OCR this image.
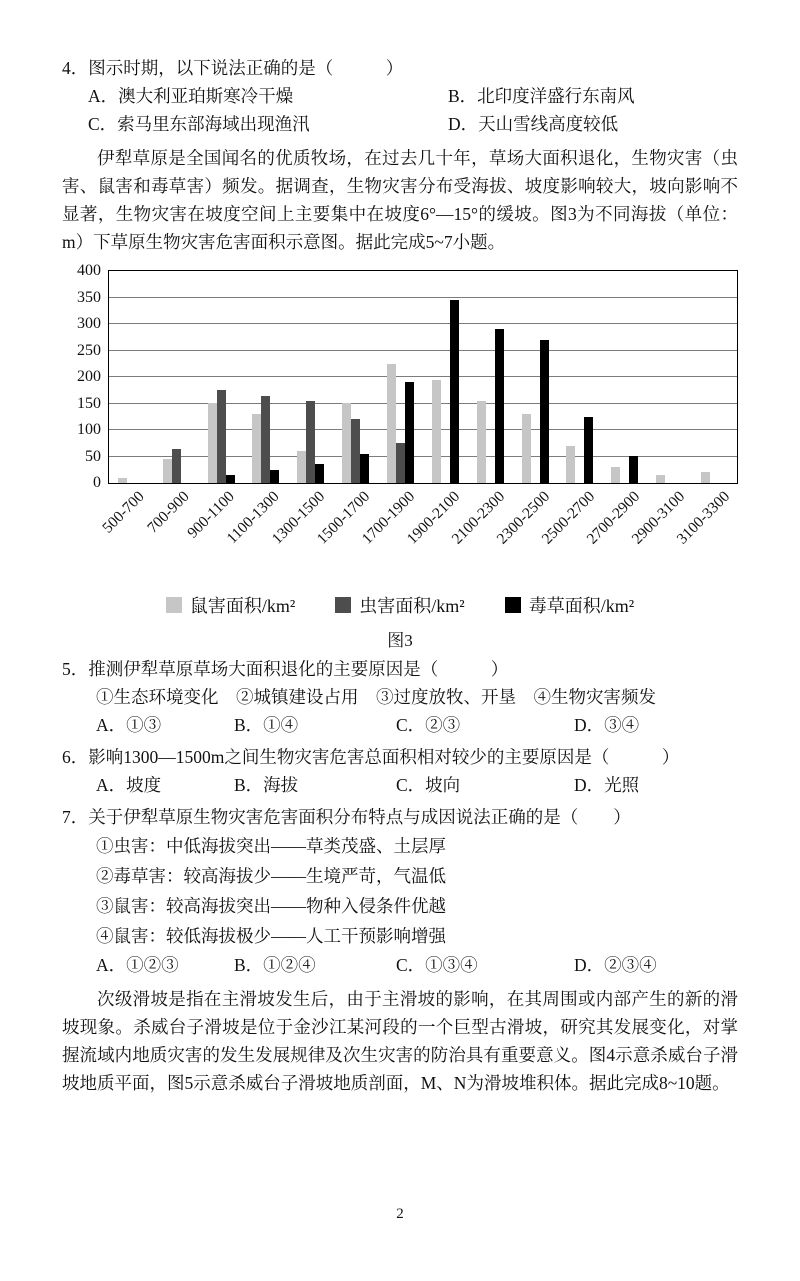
4．图示时期，以下说法正确的是（　　　）
A．澳大利亚珀斯寒冷干燥	B．北印度洋盛行东南风
C．索马里东部海域出现渔汛	D．天山雪线高度较低

伊犁草原是全国闻名的优质牧场，在过去几十年，草场大面积退化，生物灾害（虫害、鼠害和毒草害）频发。据调查，生物灾害分布受海拔、坡度影响较大，坡向影响不显著，生物灾害在坡度空间上主要集中在坡度6°—15°的缓坡。图3为不同海拔（单位：m）下草原生物灾害危害面积示意图。据此完成5~7小题。

0
50
100
150
200
250
300
350
400
500-700
700-900
900-1100
1100-1300
1300-1500
1500-1700
1700-1900
1900-2100
2100-2300
2300-2500
2500-2700
2700-2900
2900-3100
3100-3300
鼠害面积/km²	虫害面积/km²	毒草面积/km²
图3
5．推测伊犁草原草场大面积退化的主要原因是（　　　）
①生态环境变化　②城镇建设占用　③过度放牧、开垦　④生物灾害频发
A．①③	B．①④	C．②③	D．③④
6．影响1300—1500m之间生物灾害危害总面积相对较少的主要原因是（　　　）
A．坡度	B．海拔	C．坡向	D．光照
7．关于伊犁草原生物灾害危害面积分布特点与成因说法正确的是（　　）
①虫害：中低海拔突出——草类茂盛、土层厚
②毒草害：较高海拔少——生境严苛，气温低
③鼠害：较高海拔突出——物种入侵条件优越
④鼠害：较低海拔极少——人工干预影响增强
A．①②③	B．①②④	C．①③④	D．②③④

次级滑坡是指在主滑坡发生后，由于主滑坡的影响，在其周围或内部产生的新的滑坡现象。杀威台子滑坡是位于金沙江某河段的一个巨型古滑坡，研究其发展变化，对掌握流域内地质灾害的发生发展规律及次生灾害的防治具有重要意义。图4示意杀威台子滑坡地质平面，图5示意杀威台子滑坡地质剖面，M、N为滑坡堆积体。据此完成8~10题。

2
